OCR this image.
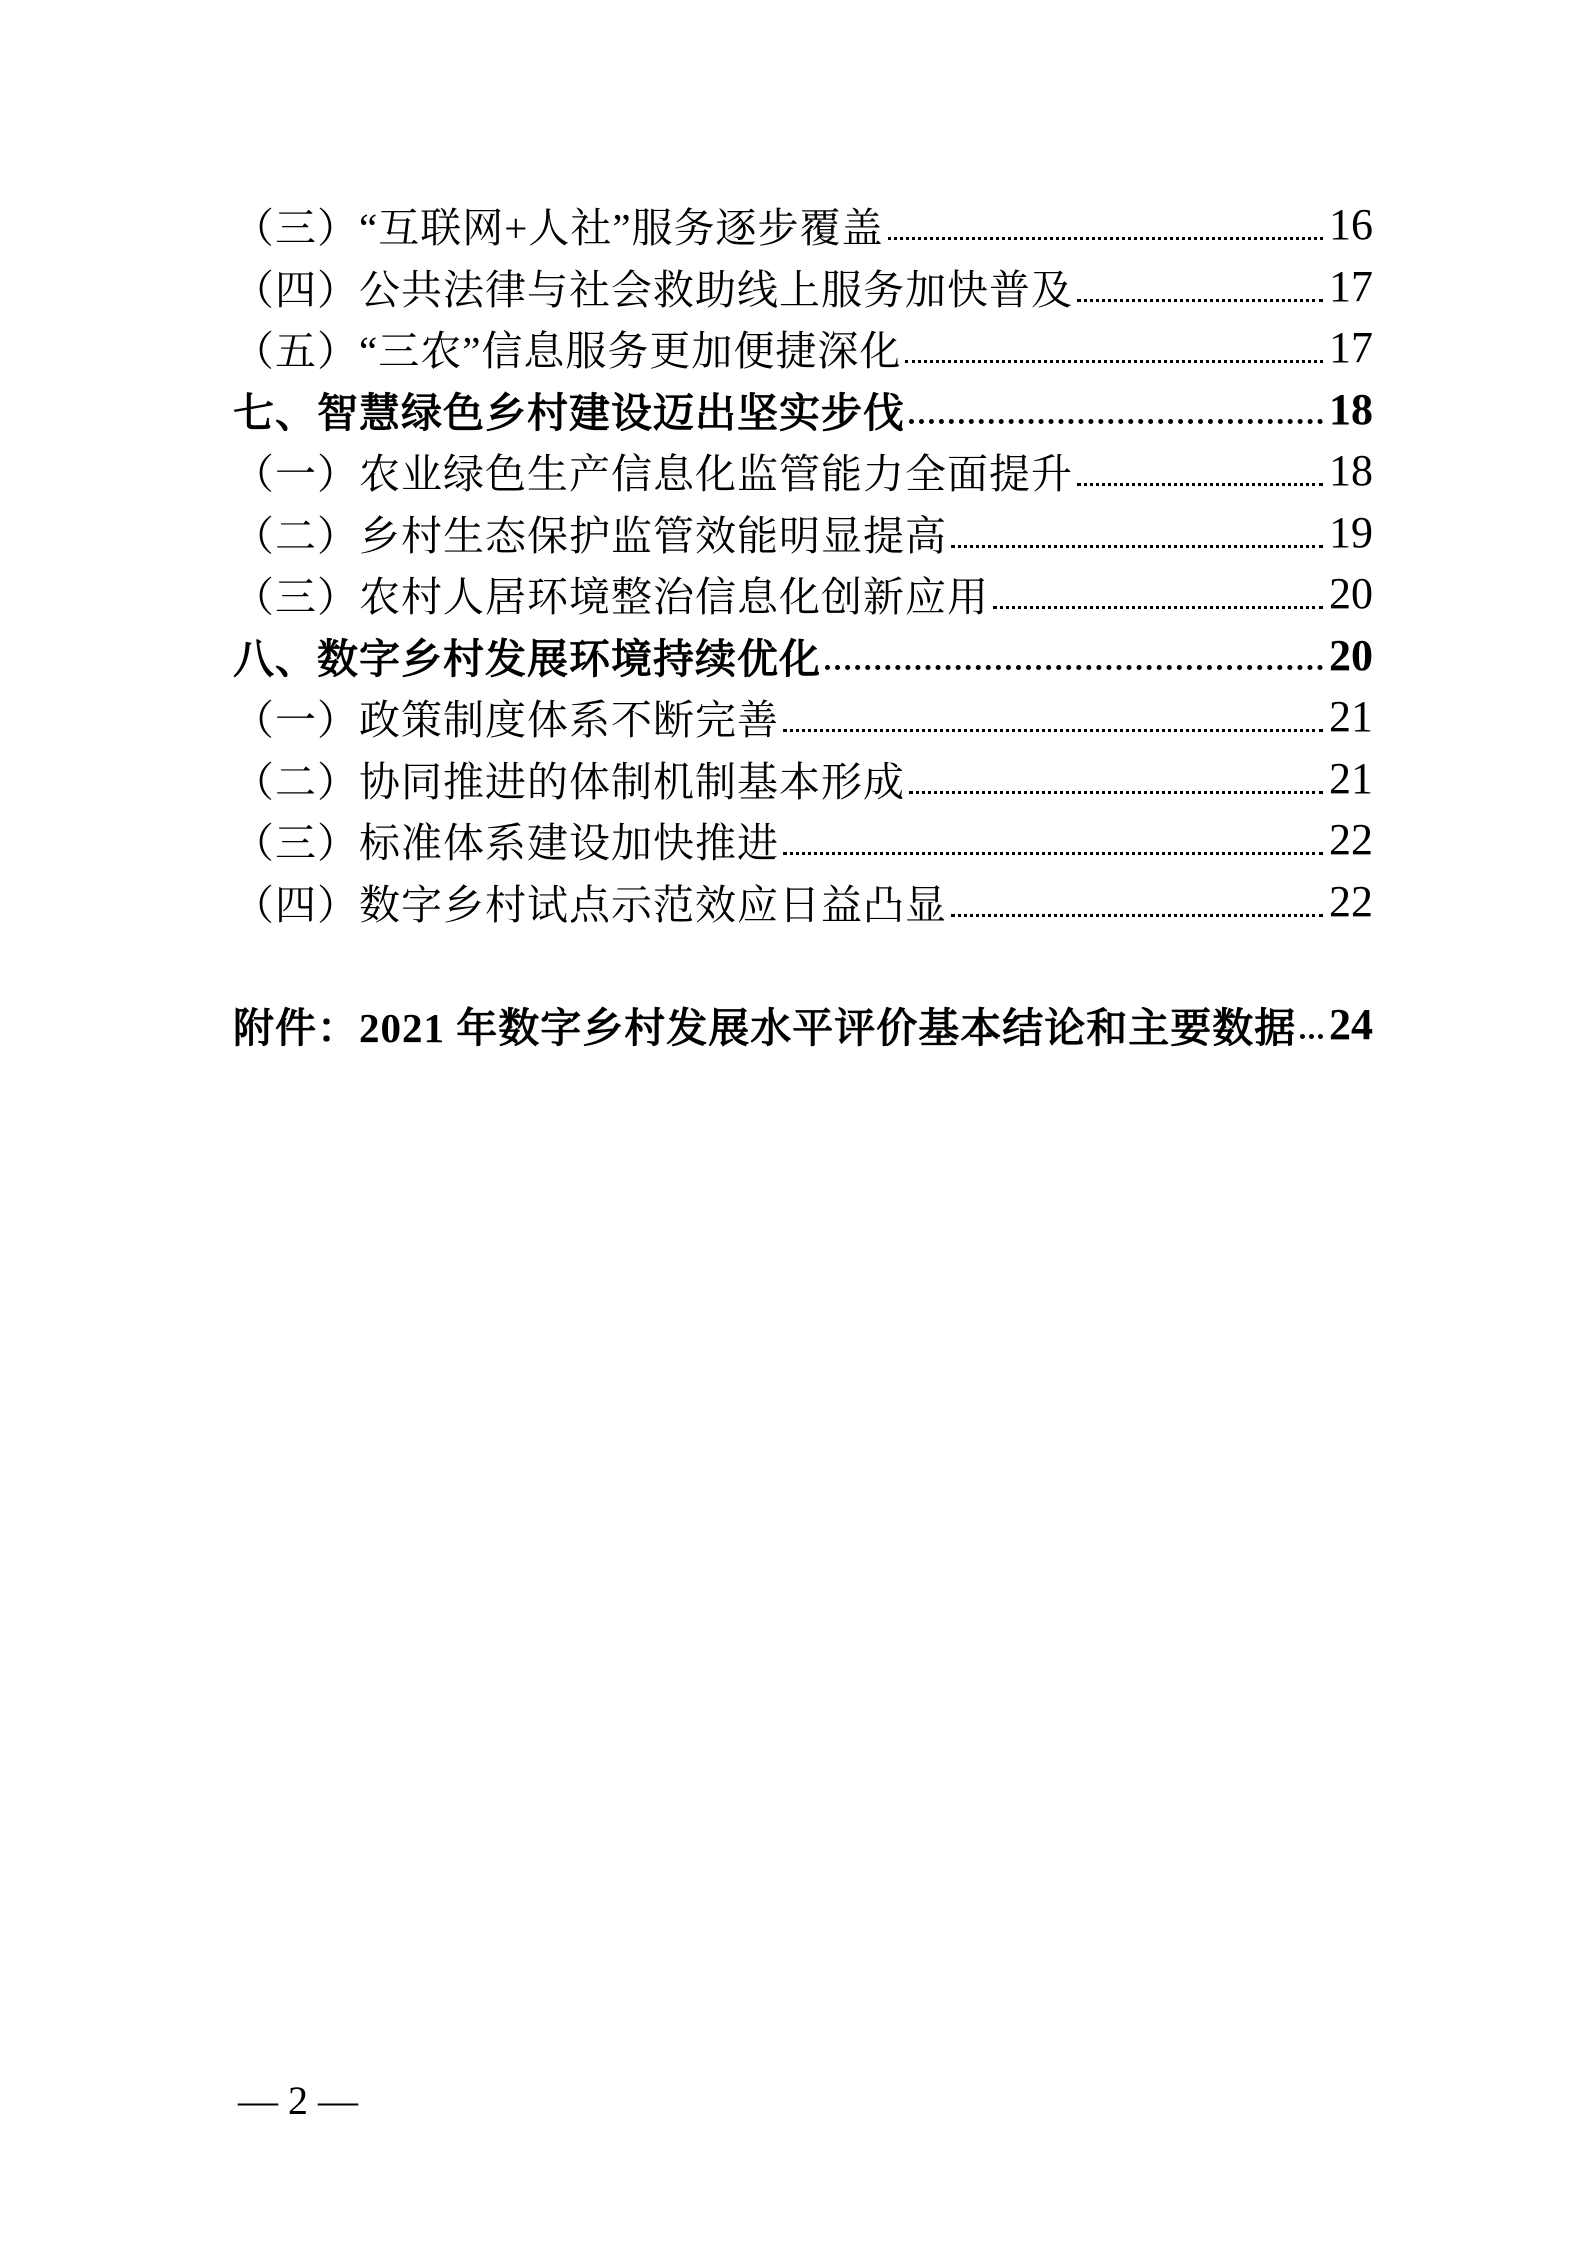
（三）“互联网+人社”服务逐步覆盖	16
（四）公共法律与社会救助线上服务加快普及	17
（五）“三农”信息服务更加便捷深化	17
七、智慧绿色乡村建设迈出坚实步伐	18
（一）农业绿色生产信息化监管能力全面提升	18
（二）乡村生态保护监管效能明显提高	19
（三）农村人居环境整治信息化创新应用	20
八、数字乡村发展环境持续优化	20
（一）政策制度体系不断完善	21
（二）协同推进的体制机制基本形成	21
（三）标准体系建设加快推进	22
（四）数字乡村试点示范效应日益凸显	22
附件：2021 年数字乡村发展水平评价基本结论和主要数据 24
— 2 —
